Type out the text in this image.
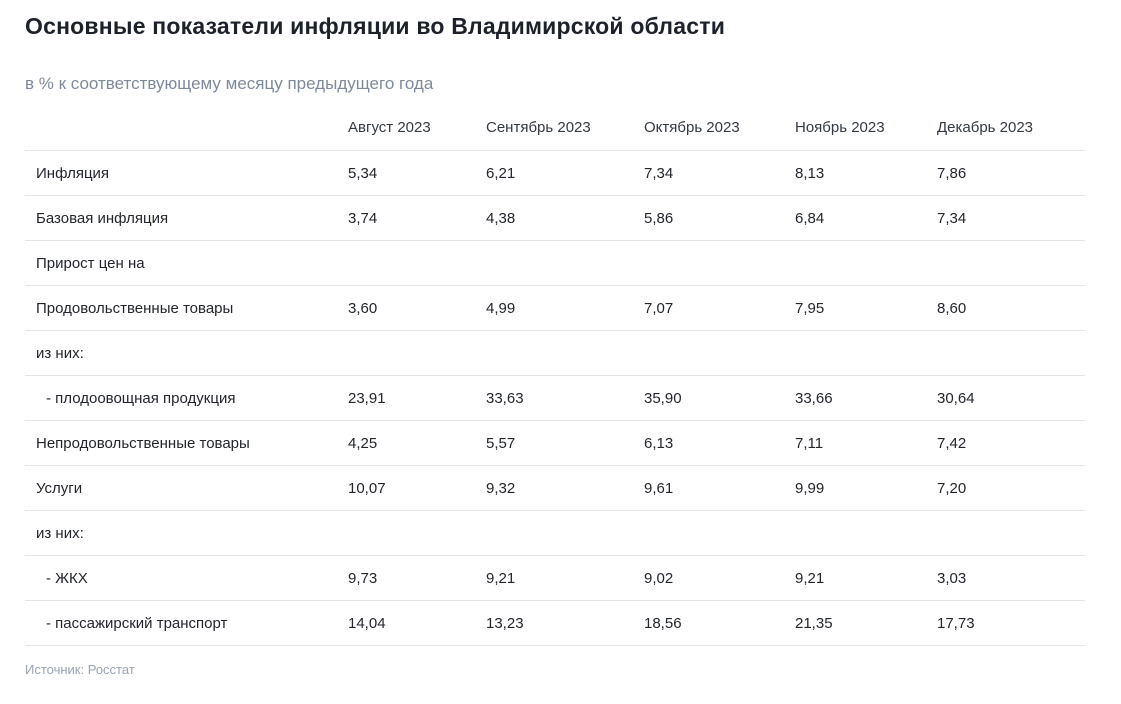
Основные показатели инфляции во Владимирской области
в % к соответствующему месяцу предыдущего года
	Август 2023	Сентябрь 2023	Октябрь 2023	Ноябрь 2023	Декабрь 2023
Инфляция	5,34	6,21	7,34	8,13	7,86
Базовая инфляция	3,74	4,38	5,86	6,84	7,34
Прирост цен на					
Продовольственные товары	3,60	4,99	7,07	7,95	8,60
из них:					
- плодоовощная продукция	23,91	33,63	35,90	33,66	30,64
Непродовольственные товары	4,25	5,57	6,13	7,11	7,42
Услуги	10,07	9,32	9,61	9,99	7,20
из них:					
- ЖКХ	9,73	9,21	9,02	9,21	3,03
- пассажирский транспорт	14,04	13,23	18,56	21,35	17,73
Источник: Росстат
